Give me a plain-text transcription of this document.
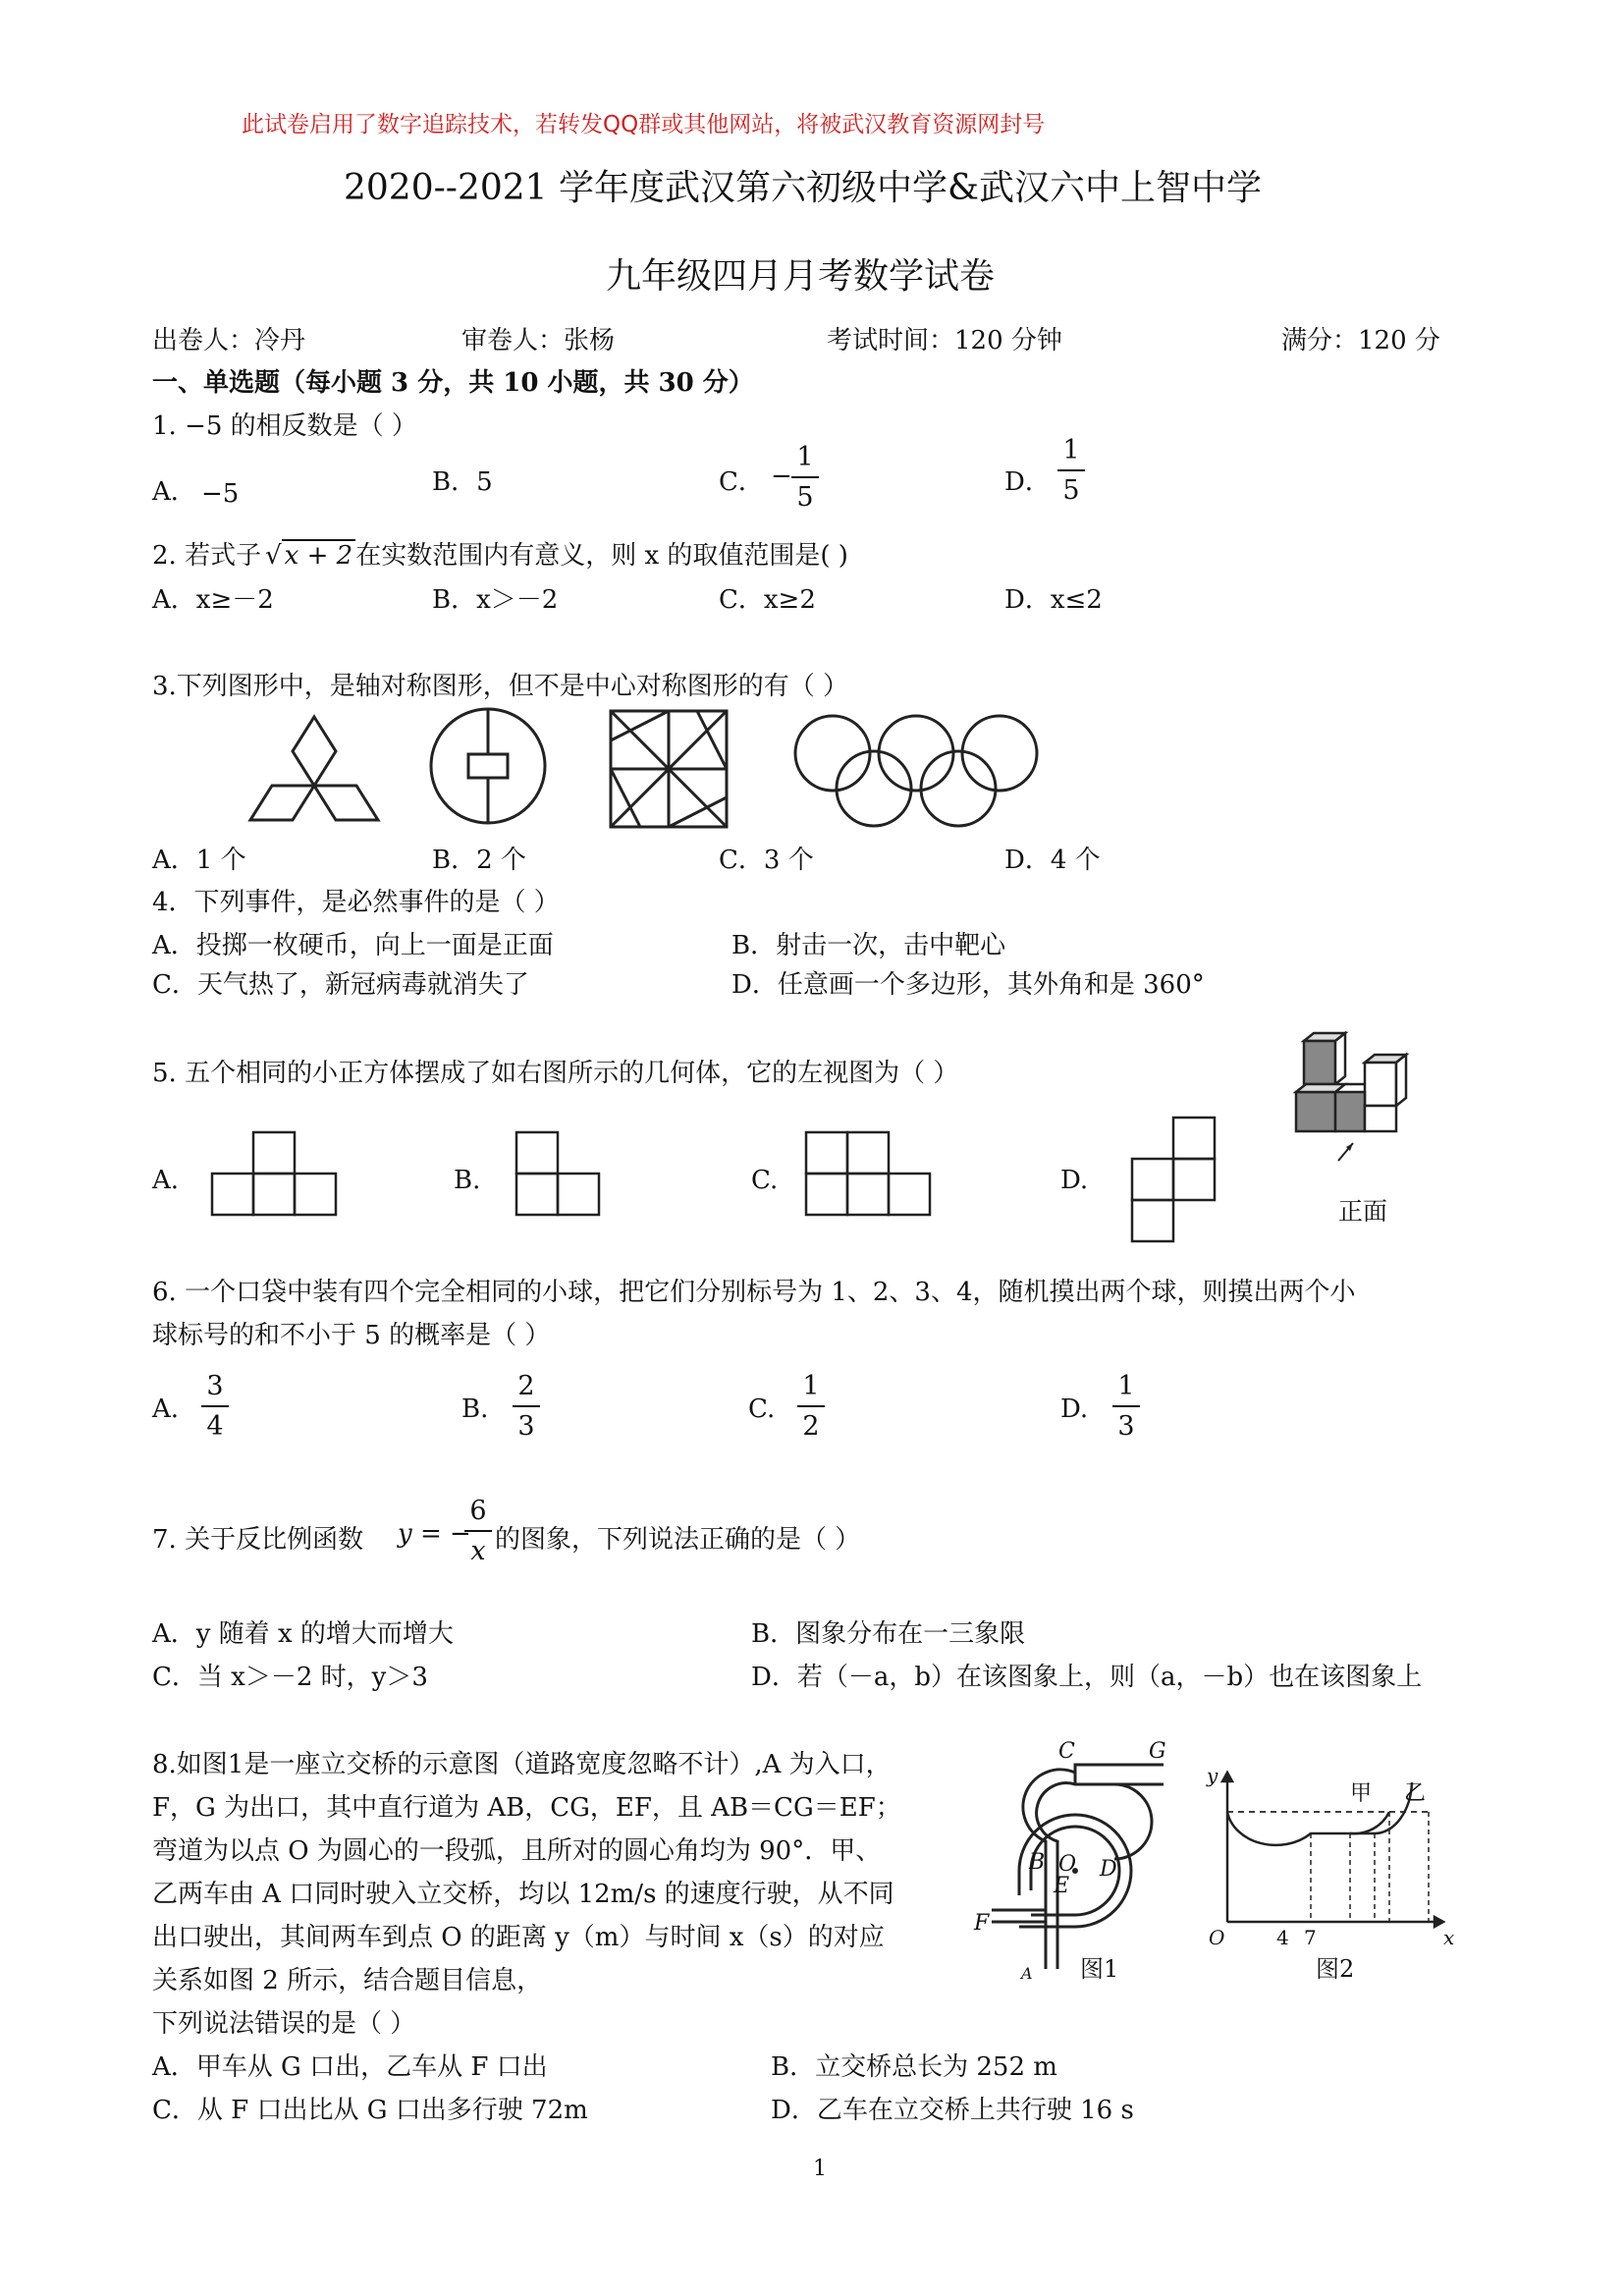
此试卷启用了数字追踪技术，若转发QQ群或其他网站，将被武汉教育资源网封号
2020--2021 学年度武汉第六初级中学&武汉六中上智中学
九年级四月月考数学试卷
出卷人：冷丹	审卷人：张杨	考试时间：120 分钟	满分：120 分
一、单选题（每小题 3 分，共 10 小题，共 30 分）
1. −5 的相反数是（ ）
A． −5	B．5	C． −
1
5	D．
1
5
2. 若式子 √ x + 2 在实数范围内有意义，则 x 的取值范围是( )
A．x≥－2	B．x＞－2	C．x≥2	D．x≤2
3.下列图形中，是轴对称图形，但不是中心对称图形的有（ ）
A．1 个	B．2 个	C．3 个	D．4 个
4．下列事件，是必然事件的是（ ）
A．投掷一枚硬币，向上一面是正面	B．射击一次，击中靶心
C．天气热了，新冠病毒就消失了	D．任意画一个多边形，其外角和是 360°
5. 五个相同的小正方体摆成了如右图所示的几何体，它的左视图为（ ）
正面
A.	B.	C.	D.
6. 一个口袋中装有四个完全相同的小球，把它们分别标号为 1、2、3、4，随机摸出两个球，则摸出两个小
球标号的和不小于 5 的概率是（ ）
A.
3
4
B.
2
3
C.
1
2
D.
1
3
7. 关于反比例函数 y = −
6
x 的图象，下列说法正确的是（ ）
A．y 随着 x 的增大而增大	B．图象分布在一三象限
C．当 x＞－2 时，y＞3	D．若（－a，b）在该图象上，则（a，－b）也在该图象上
8.如图1是一座立交桥的示意图（道路宽度忽略不计）,A 为入口，
F，G 为出口，其中直行道为 AB，CG，EF，且 AB＝CG＝EF；
弯道为以点 O 为圆心的一段弧，且所对的圆心角均为 90°．甲、
乙两车由 A 口同时驶入立交桥，均以 12m/s 的速度行驶，从不同
出口驶出，其间两车到点 O 的距离 y（m）与时间 x（s）的对应
关系如图 2 所示，结合题目信息，
下列说法错误的是（ ）
A．甲车从 G 口出，乙车从 F 口出	B．立交桥总长为 252 m
C．从 F 口出比从 G 口出多行驶 72m	D．乙车在立交桥上共行驶 16 s
C	G
B O
E
D
F
A 图1
y
x
O	4 7
甲 乙
图2
1
